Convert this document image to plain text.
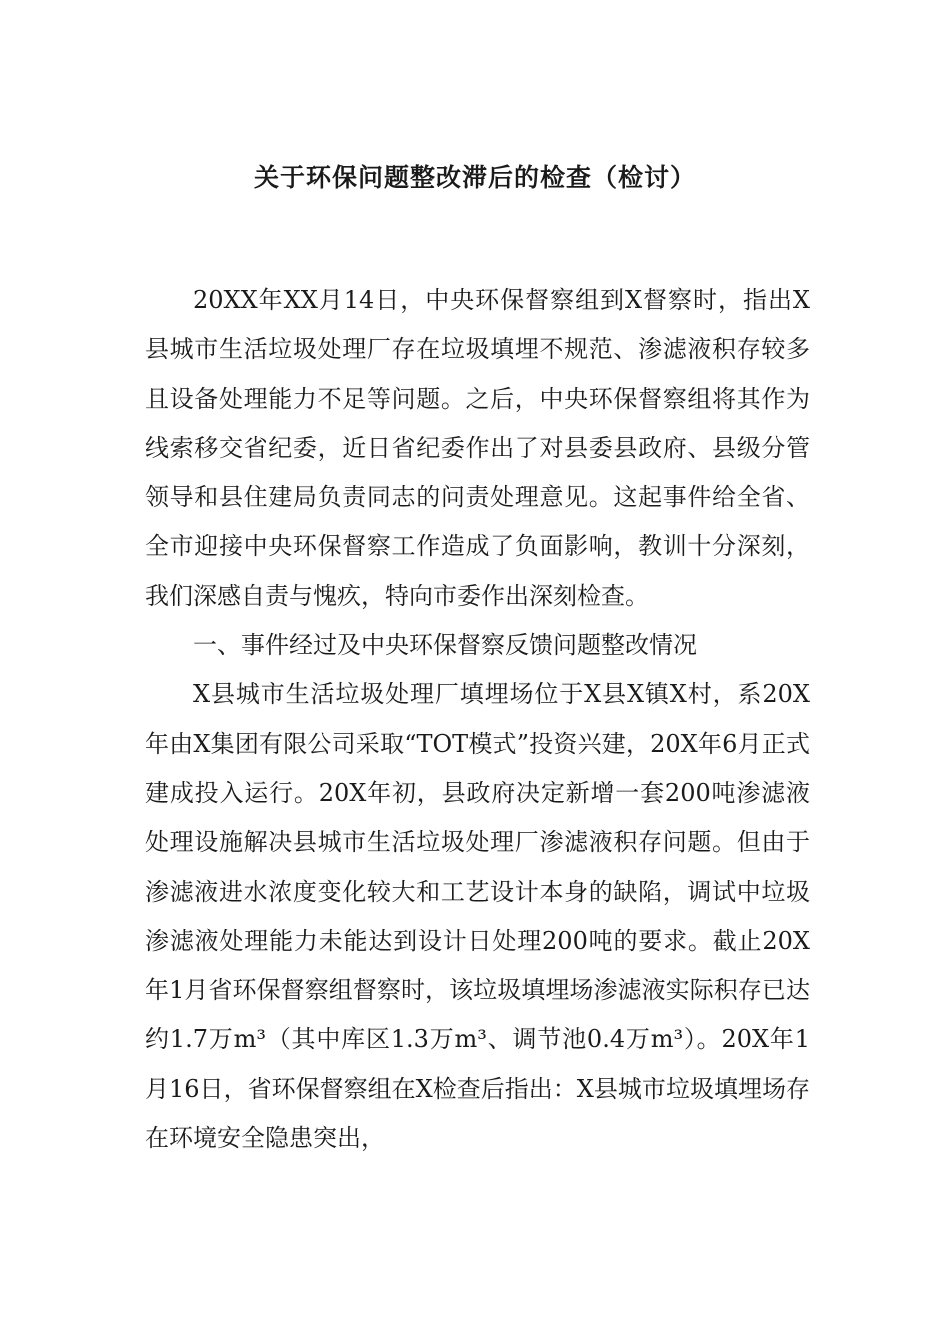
关于环保问题整改滞后的检查（检讨）

20XX年XX月14日，中央环保督察组到X督察时，指出X县城市生活垃圾处理厂存在垃圾填埋不规范、渗滤液积存较多且设备处理能力不足等问题。之后，中央环保督察组将其作为线索移交省纪委，近日省纪委作出了对县委县政府、县级分管领导和县住建局负责同志的问责处理意见。这起事件给全省、全市迎接中央环保督察工作造成了负面影响，教训十分深刻，我们深感自责与愧疚，特向市委作出深刻检查。

一、事件经过及中央环保督察反馈问题整改情况

X县城市生活垃圾处理厂填埋场位于X县X镇X村，系20X年由X集团有限公司采取“TOT模式”投资兴建，20X年6月正式建成投入运行。20X年初，县政府决定新增一套200吨渗滤液处理设施解决县城市生活垃圾处理厂渗滤液积存问题。但由于渗滤液进水浓度变化较大和工艺设计本身的缺陷，调试中垃圾渗滤液处理能力未能达到设计日处理200吨的要求。截止20X年1月省环保督察组督察时，该垃圾填埋场渗滤液实际积存已达约1.7万m³（其中库区1.3万m³、调节池0.4万m³）。20X年1月16日，省环保督察组在X检查后指出：X县城市垃圾填埋场存在环境安全隐患突出，
